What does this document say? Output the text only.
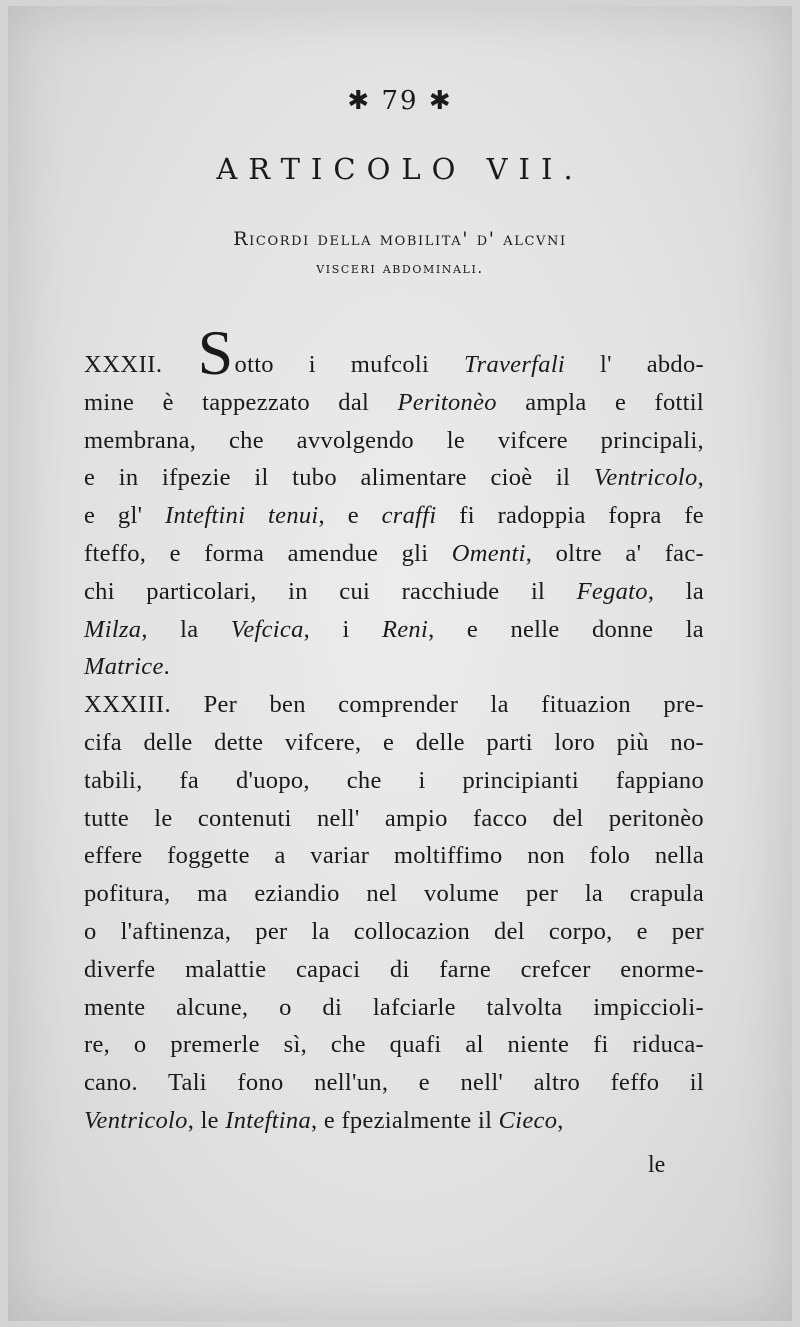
✱ 79 ✱
ARTICOLO VII.
Ricordi della mobilita' d' alcvni
visceri abdominali.
XXXII. Sotto i mufcoli Traverfali l' abdo-
mine è tappezzato dal Peritonèo ampla e fottil
membrana, che avvolgendo le vifcere principali,
e in ifpezie il tubo alimentare cioè il Ventricolo,
e gl' Inteftini tenui, e craffi fi radoppia fopra fe
fteffo, e forma amendue gli Omenti, oltre a' fac-
chi particolari, in cui racchiude il Fegato, la
Milza, la Vefcica, i Reni, e nelle donne la
Matrice.
XXXIII. Per ben comprender la fituazion pre-
cifa delle dette vifcere, e delle parti loro più no-
tabili, fa d'uopo, che i principianti fappiano
tutte le contenuti nell' ampio facco del peritonèo
effere foggette a variar moltiffimo non folo nella
pofitura, ma eziandio nel volume per la crapula
o l'aftinenza, per la collocazion del corpo, e per
diverfe malattie capaci di farne crefcer enorme-
mente alcune, o di lafciarle talvolta impiccioli-
re, o premerle sì, che quafi al niente fi riduca-
cano. Tali fono nell'un, e nell' altro feffo il
Ventricolo, le Inteftina, e fpezialmente il Cieco,
le
